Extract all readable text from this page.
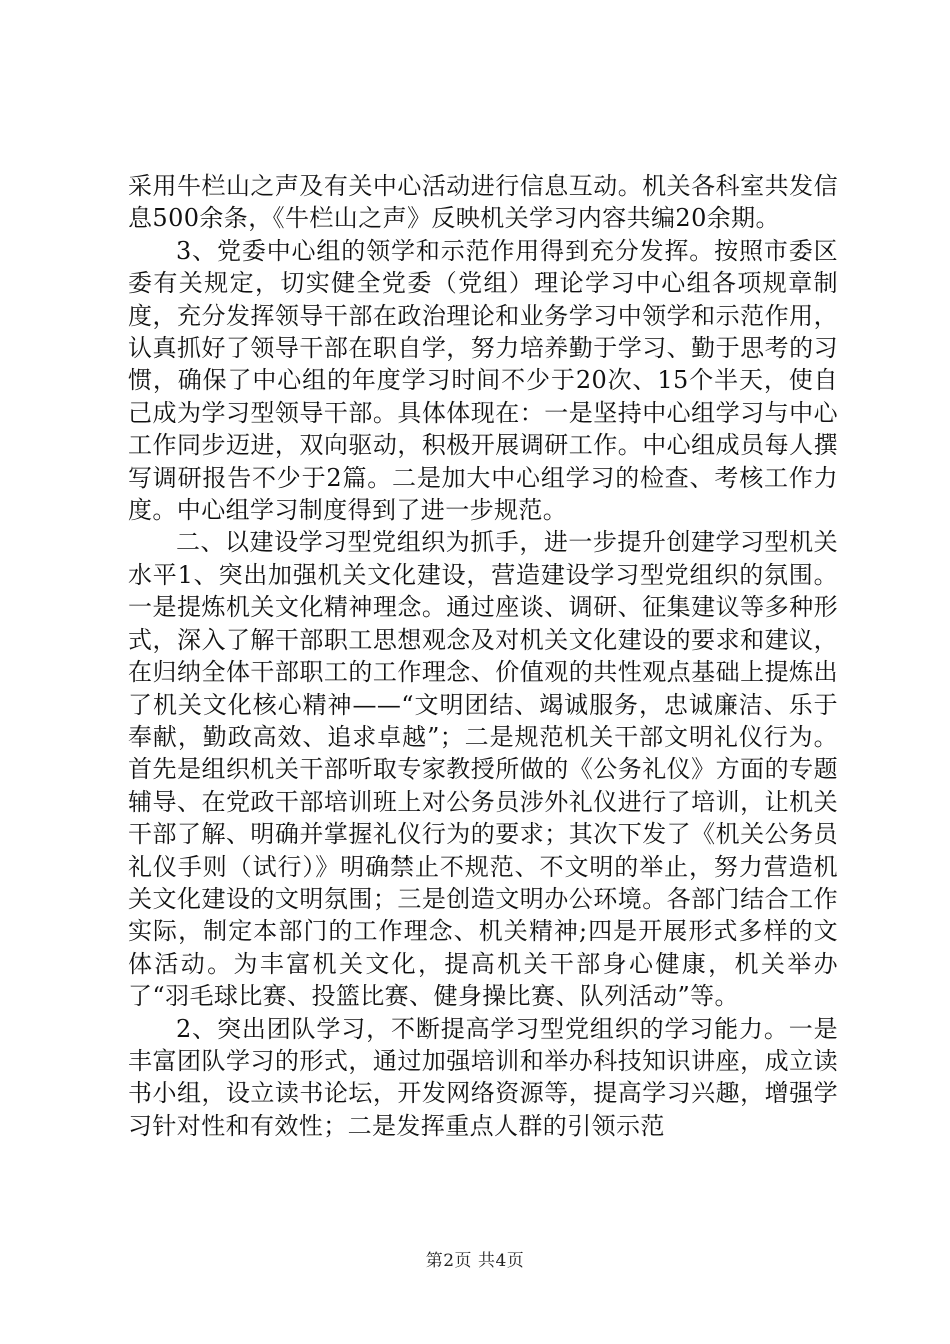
采用牛栏山之声及有关中心活动进行信息互动。机关各科室共发信息500余条，《牛栏山之声》反映机关学习内容共编20余期。

3、党委中心组的领学和示范作用得到充分发挥。按照市委区委有关规定，切实健全党委（党组）理论学习中心组各项规章制度，充分发挥领导干部在政治理论和业务学习中领学和示范作用，认真抓好了领导干部在职自学，努力培养勤于学习、勤于思考的习惯，确保了中心组的年度学习时间不少于20次、15个半天，使自己成为学习型领导干部。具体体现在：一是坚持中心组学习与中心工作同步迈进，双向驱动，积极开展调研工作。中心组成员每人撰写调研报告不少于2篇。二是加大中心组学习的检查、考核工作力度。中心组学习制度得到了进一步规范。

二、以建设学习型党组织为抓手，进一步提升创建学习型机关水平1、突出加强机关文化建设，营造建设学习型党组织的氛围。一是提炼机关文化精神理念。通过座谈、调研、征集建议等多种形式，深入了解干部职工思想观念及对机关文化建设的要求和建议，在归纳全体干部职工的工作理念、价值观的共性观点基础上提炼出了机关文化核心精神——“文明团结、竭诚服务，忠诚廉洁、乐于奉献，勤政高效、追求卓越”；二是规范机关干部文明礼仪行为。首先是组织机关干部听取专家教授所做的《公务礼仪》方面的专题辅导、在党政干部培训班上对公务员涉外礼仪进行了培训，让机关干部了解、明确并掌握礼仪行为的要求；其次下发了《机关公务员礼仪手则（试行）》明确禁止不规范、不文明的举止，努力营造机关文化建设的文明氛围；三是创造文明办公环境。各部门结合工作实际，制定本部门的工作理念、机关精神;四是开展形式多样的文体活动。为丰富机关文化，提高机关干部身心健康，机关举办了“羽毛球比赛、投篮比赛、健身操比赛、队列活动”等。

2、突出团队学习，不断提高学习型党组织的学习能力。一是丰富团队学习的形式，通过加强培训和举办科技知识讲座，成立读书小组，设立读书论坛，开发网络资源等，提高学习兴趣，增强学习针对性和有效性；二是发挥重点人群的引领示范

第2页 共4页
